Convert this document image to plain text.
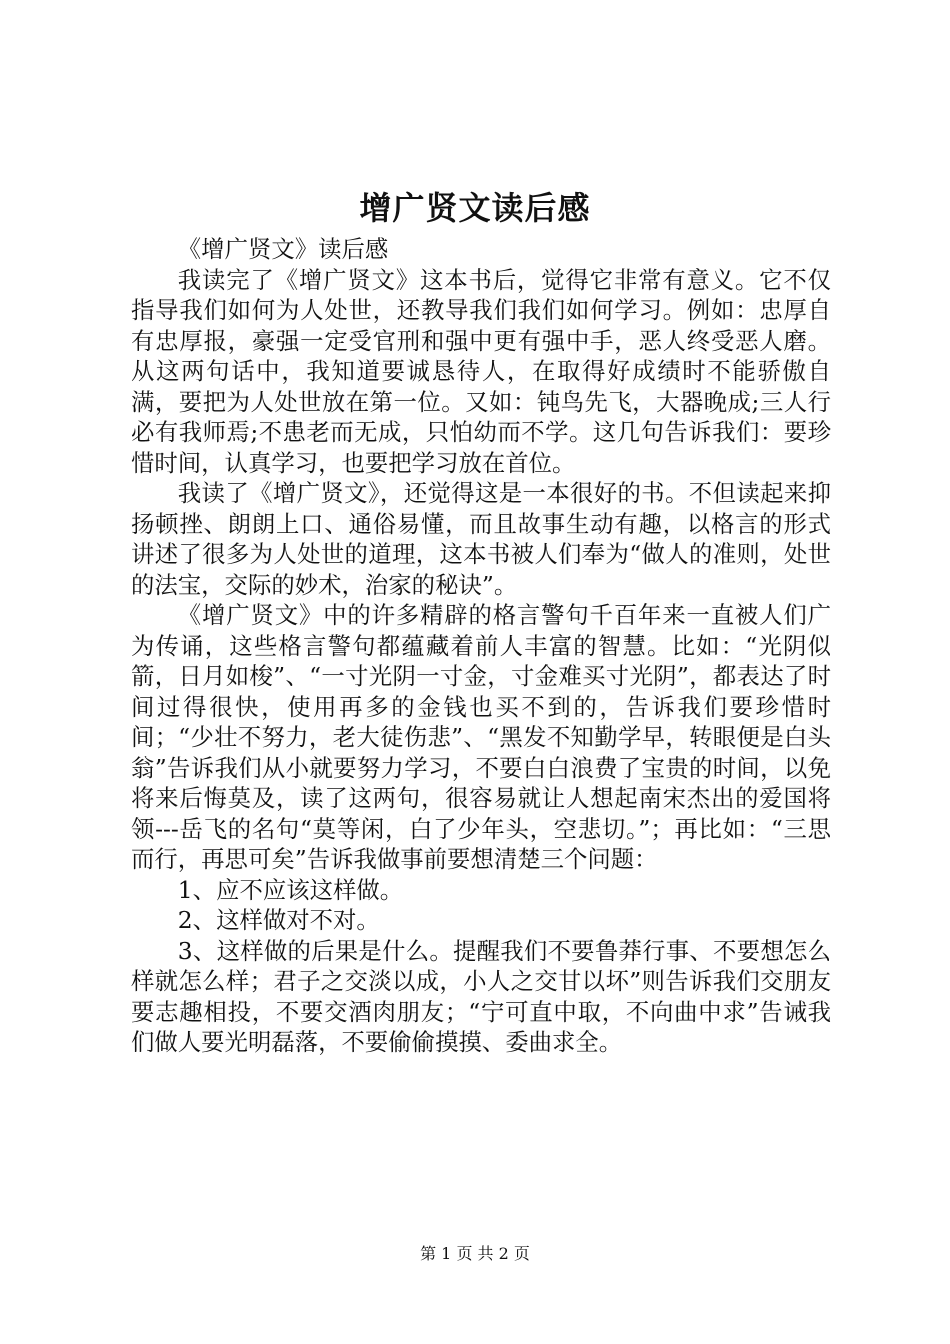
增广贤文读后感

《增广贤文》读后感

我读完了《增广贤文》这本书后，觉得它非常有意义。它不仅指导我们如何为人处世，还教导我们我们如何学习。例如：忠厚自有忠厚报，豪强一定受官刑和强中更有强中手，恶人终受恶人磨。从这两句话中，我知道要诚恳待人，在取得好成绩时不能骄傲自满，要把为人处世放在第一位。又如：钝鸟先飞，大器晚成;三人行必有我师焉;不患老而无成，只怕幼而不学。这几句告诉我们：要珍惜时间，认真学习，也要把学习放在首位。

我读了《增广贤文》，还觉得这是一本很好的书。不但读起来抑扬顿挫、朗朗上口、通俗易懂，而且故事生动有趣，以格言的形式讲述了很多为人处世的道理，这本书被人们奉为“做人的准则，处世的法宝，交际的妙术，治家的秘诀”。

《增广贤文》中的许多精辟的格言警句千百年来一直被人们广为传诵，这些格言警句都蕴藏着前人丰富的智慧。比如：“光阴似箭，日月如梭”、“一寸光阴一寸金，寸金难买寸光阴”，都表达了时间过得很快，使用再多的金钱也买不到的，告诉我们要珍惜时间；“少壮不努力，老大徒伤悲”、“黑发不知勤学早，转眼便是白头翁”告诉我们从小就要努力学习，不要白白浪费了宝贵的时间，以免将来后悔莫及，读了这两句，很容易就让人想起南宋杰出的爱国将领---岳飞的名句“莫等闲，白了少年头，空悲切。”；再比如：“三思而行，再思可矣”告诉我做事前要想清楚三个问题：

1、应不应该这样做。

2、这样做对不对。

3、这样做的后果是什么。提醒我们不要鲁莽行事、不要想怎么样就怎么样；君子之交淡以成，小人之交甘以坏”则告诉我们交朋友要志趣相投，不要交酒肉朋友；“宁可直中取，不向曲中求”告诫我们做人要光明磊落，不要偷偷摸摸、委曲求全。

第 1 页 共 2 页
